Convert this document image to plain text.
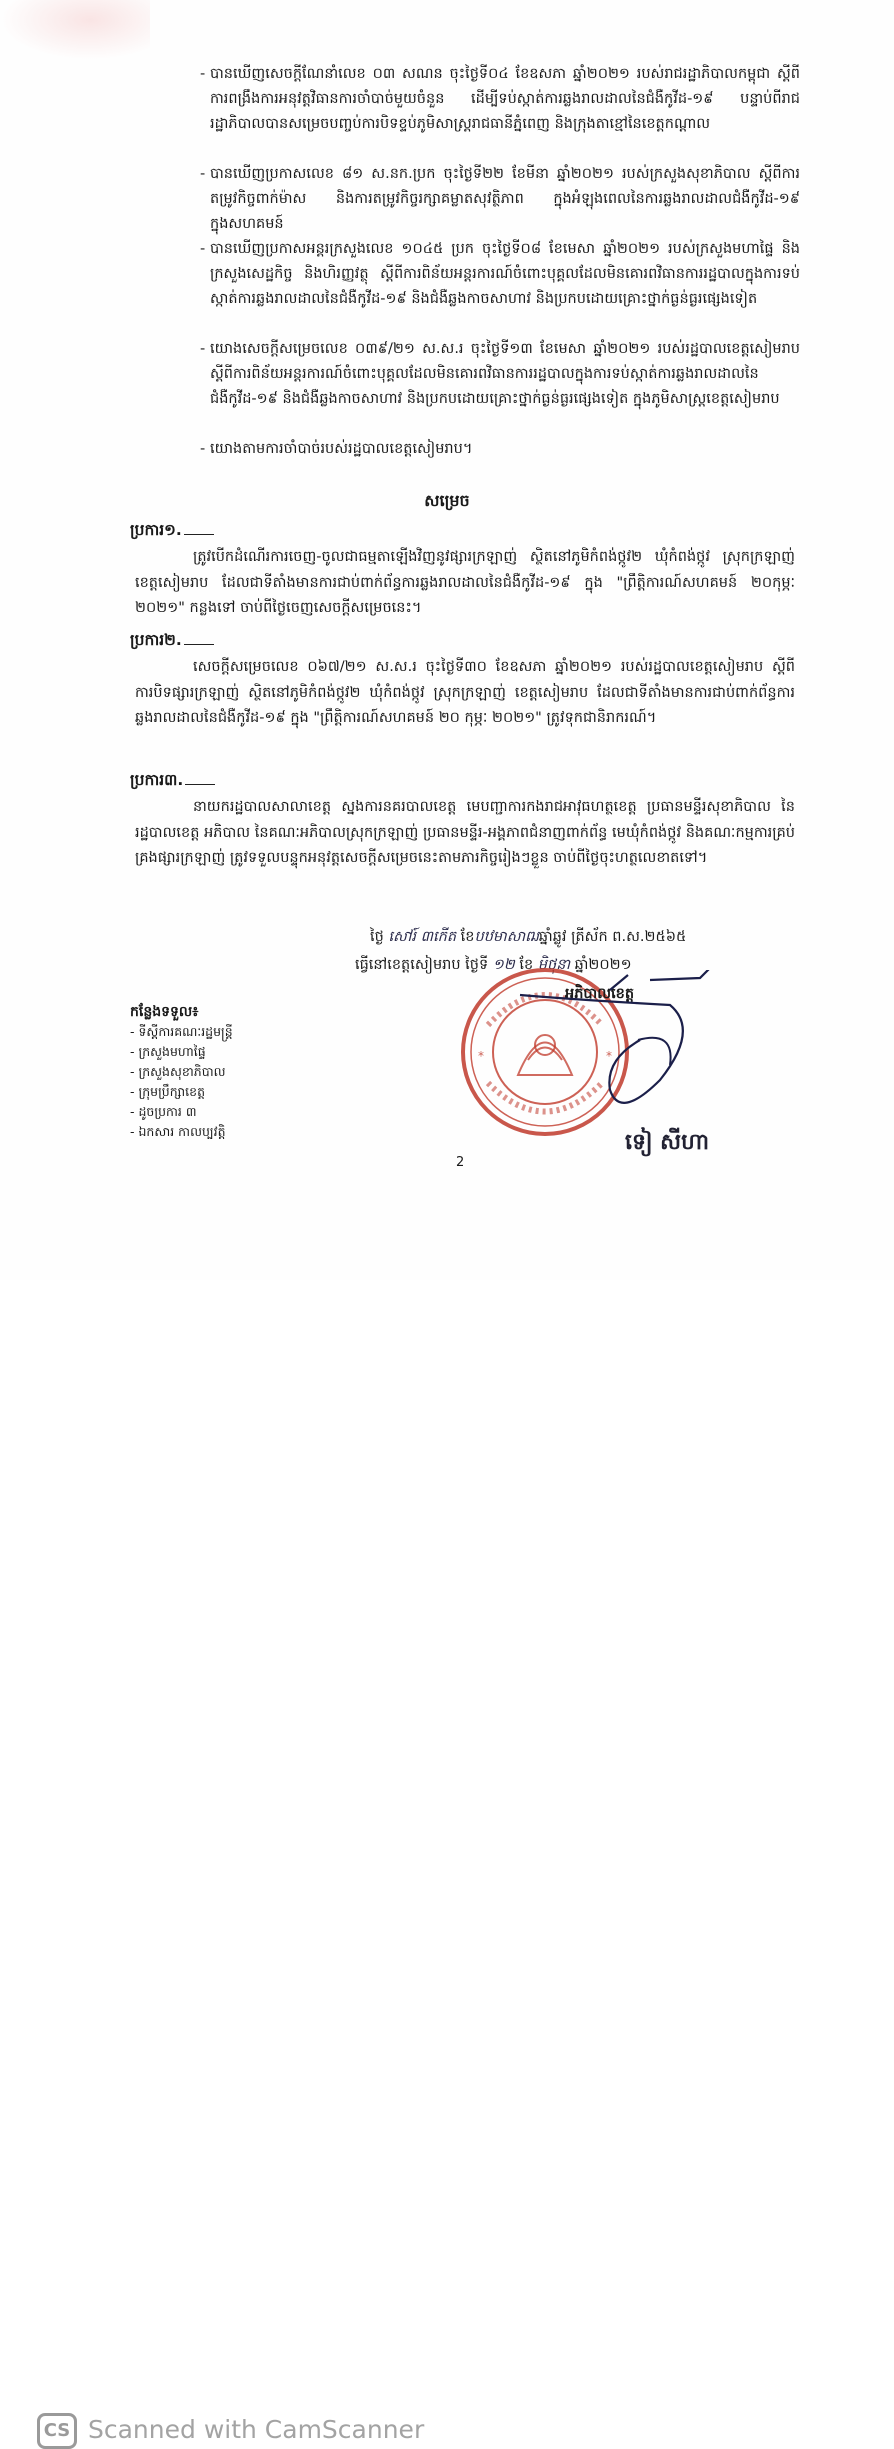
- បានឃើញសេចក្តីណែនាំលេខ ០៣ សណន ចុះថ្ងៃទី០៤ ខែឧសភា ឆ្នាំ២០២១ របស់រាជរដ្ឋាភិបាលកម្ពុជា ស្តីពីការពង្រឹងការអនុវត្តវិធានការចាំបាច់មួយចំនួន ដើម្បីទប់ស្កាត់ការឆ្លងរាលដាលនៃជំងឺកូវីដ-១៩ បន្ទាប់ពីរាជរដ្ឋាភិបាលបានសម្រេចបញ្ចប់ការបិទខ្ទប់ភូមិសាស្ត្ររាជធានីភ្នំពេញ និងក្រុងតាខ្មៅនៃខេត្តកណ្តាល

- បានឃើញប្រកាសលេខ ៨១ ស.នក.ប្រក ចុះថ្ងៃទី២២ ខែមីនា ឆ្នាំ២០២១ របស់ក្រសួងសុខាភិបាល ស្តីពីការតម្រូវកិច្ចពាក់ម៉ាស និងការតម្រូវកិច្ចរក្សាគម្លាតសុវត្ថិភាព ក្នុងអំឡុងពេលនៃការឆ្លងរាលដាលជំងឺកូវីដ-១៩ ក្នុងសហគមន៍

- បានឃើញប្រកាសអន្តរក្រសួងលេខ ១០៤៥ ប្រក ចុះថ្ងៃទី០៨ ខែមេសា ឆ្នាំ២០២១ របស់ក្រសួងមហាផ្ទៃ និងក្រសួងសេដ្ឋកិច្ច និងហិរញ្ញវត្ថុ ស្តីពីការពិន័យអន្តរការណ៍ចំពោះបុគ្គលដែលមិនគោរពវិធានការរដ្ឋបាលក្នុងការទប់ស្កាត់ការឆ្លងរាលដាលនៃជំងឺកូវីដ-១៩ និងជំងឺឆ្លងកាចសាហាវ និងប្រកបដោយគ្រោះថ្នាក់ធ្ងន់ធ្ងរផ្សេងទៀត

- យោងសេចក្តីសម្រេចលេខ ០៣៩/២១ ស.ស.រ ចុះថ្ងៃទី១៣ ខែមេសា ឆ្នាំ២០២១ របស់រដ្ឋបាលខេត្តសៀមរាប ស្តីពីការពិន័យអន្តរការណ៍ចំពោះបុគ្គលដែលមិនគោរពវិធានការរដ្ឋបាលក្នុងការទប់ស្កាត់ការឆ្លងរាលដាលនៃជំងឺកូវីដ-១៩ និងជំងឺឆ្លងកាចសាហាវ និងប្រកបដោយគ្រោះថ្នាក់ធ្ងន់ធ្ងរផ្សេងទៀត ក្នុងភូមិសាស្ត្រខេត្តសៀមរាប

- យោងតាមការចាំបាច់របស់រដ្ឋបាលខេត្តសៀមរាប។

សម្រេច
ប្រការ១.
ត្រូវបើកដំណើរការចេញ-ចូលជាធម្មតាឡើងវិញនូវផ្សារក្រឡាញ់ ស្ថិតនៅភូមិកំពង់ថ្កូវ២ ឃុំកំពង់ថ្កូវ ស្រុកក្រឡាញ់ ខេត្តសៀមរាប ដែលជាទីតាំងមានការជាប់ពាក់ព័ន្ធការឆ្លងរាលដាលនៃជំងឺកូវីដ-១៩ ក្នុង "ព្រឹត្តិការណ៍សហគមន៍ ២០កុម្ភៈ ២០២១" កន្លងទៅ ចាប់ពីថ្ងៃចេញសេចក្តីសម្រេចនេះ។
ប្រការ២.
សេចក្តីសម្រេចលេខ ០៦៧/២១ ស.ស.រ ចុះថ្ងៃទី៣០ ខែឧសភា ឆ្នាំ២០២១ របស់រដ្ឋបាលខេត្តសៀមរាប ស្តីពីការបិទផ្សារក្រឡាញ់ ស្ថិតនៅភូមិកំពង់ថ្កូវ២ ឃុំកំពង់ថ្កូវ ស្រុកក្រឡាញ់ ខេត្តសៀមរាប ដែលជាទីតាំងមានការជាប់ពាក់ព័ន្ធការឆ្លងរាលដាលនៃជំងឺកូវីដ-១៩ ក្នុង "ព្រឹត្តិការណ៍សហគមន៍ ២០ កុម្ភៈ ២០២១" ត្រូវទុកជានិរាករណ៍។
ប្រការ៣.
នាយករដ្ឋបាលសាលាខេត្ត ស្នងការនគរបាលខេត្ត មេបញ្ជាការកងរាជអាវុធហត្ថខេត្ត ប្រធានមន្ទីរសុខាភិបាល នៃរដ្ឋបាលខេត្ត អភិបាល នៃគណៈអភិបាលស្រុកក្រឡាញ់ ប្រធានមន្ទីរ-អង្គភាពជំនាញពាក់ព័ន្ធ មេឃុំកំពង់ថ្កូវ និងគណៈកម្មការគ្រប់គ្រងផ្សារក្រឡាញ់ ត្រូវទទួលបន្ទុកអនុវត្តសេចក្តីសម្រេចនេះតាមភារកិច្ចរៀងៗខ្លួន ចាប់ពីថ្ងៃចុះហត្ថលេខាតទៅ។
ថ្ងៃ សៅរ៍ ៣កើត ខែបឋមាសាឍឆ្នាំឆ្លូវ ត្រីស័ក ព.ស.២៥៦៥
ធ្វើនៅខេត្តសៀមរាប ថ្ងៃទី ១២ ខែ មិថុនា ឆ្នាំ២០២១
*	*
អភិបាលខេត្ត
កន្លែងទទួល៖
- ទីស្តីការគណៈរដ្ឋមន្ត្រី
- ក្រសួងមហាផ្ទៃ
- ក្រសួងសុខាភិបាល
- ក្រុមប្រឹក្សាខេត្ត
- ដូចប្រការ ៣
- ឯកសារ កាលប្បវត្តិ	ទៀ សីហា
2
CS Scanned with CamScanner
